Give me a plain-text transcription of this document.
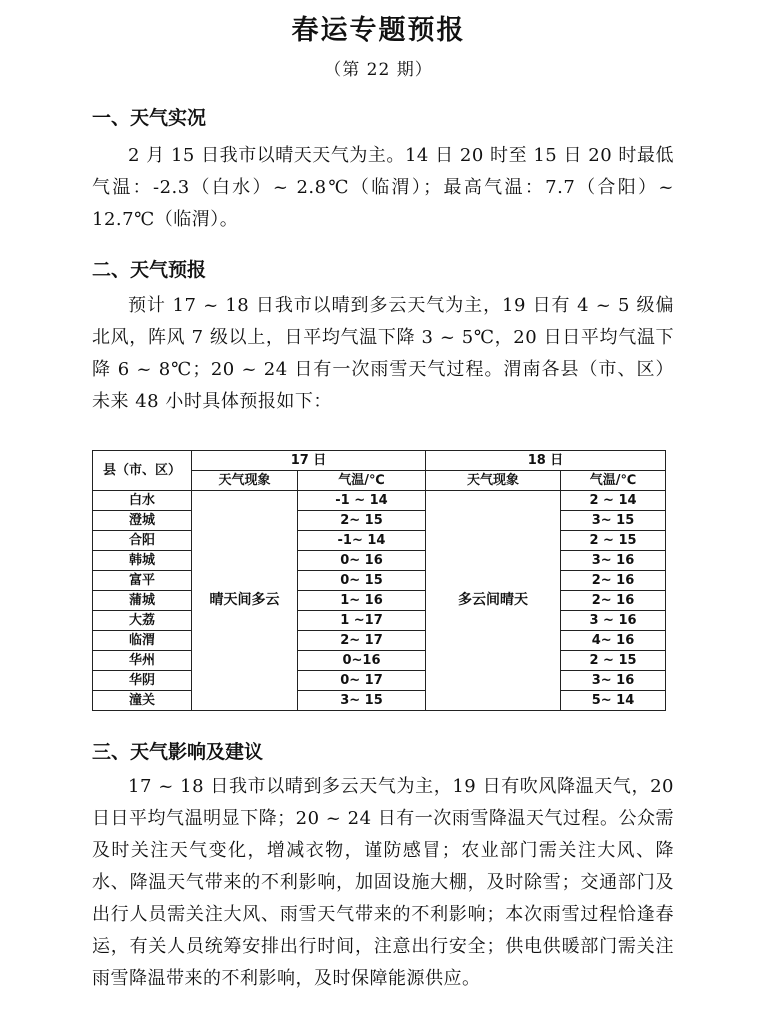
春运专题预报
（第 22 期）
一、天气实况

2 月 15 日我市以晴天天气为主。14 日 20 时至 15 日 20 时最低气温：-2.3（白水）~ 2.8℃（临渭）；最高气温：7.7（合阳）~ 12.7℃（临渭）。

二、天气预报

预计 17 ~ 18 日我市以晴到多云天气为主，19 日有 4 ~ 5 级偏北风，阵风 7 级以上，日平均气温下降 3 ~ 5℃，20 日日平均气温下降 6 ~ 8℃；20 ~ 24 日有一次雨雪天气过程。渭南各县（市、区）未来 48 小时具体预报如下：

县（市、区）	17 日		18 日	
	天气现象	气温/℃	天气现象	气温/℃
白水	晴天间多云	-1 ~ 14	多云间晴天	2 ~ 14
澄城		2~ 15		3~ 15
合阳		-1~ 14		2 ~ 15
韩城		0~ 16		3~ 16
富平		0~ 15		2~ 16
蒲城		1~ 16		2~ 16
大荔		1 ~17		3 ~ 16
临渭		2~ 17		4~ 16
华州		0~16		2 ~ 15
华阴		0~ 17		3~ 16
潼关		3~ 15		5~ 14
三、天气影响及建议

17 ~ 18 日我市以晴到多云天气为主，19 日有吹风降温天气，20 日日平均气温明显下降；20 ~ 24 日有一次雨雪降温天气过程。公众需及时关注天气变化，增减衣物，谨防感冒；农业部门需关注大风、降水、降温天气带来的不利影响，加固设施大棚，及时除雪；交通部门及出行人员需关注大风、雨雪天气带来的不利影响；本次雨雪过程恰逢春运，有关人员统筹安排出行时间，注意出行安全；供电供暖部门需关注雨雪降温带来的不利影响，及时保障能源供应。
